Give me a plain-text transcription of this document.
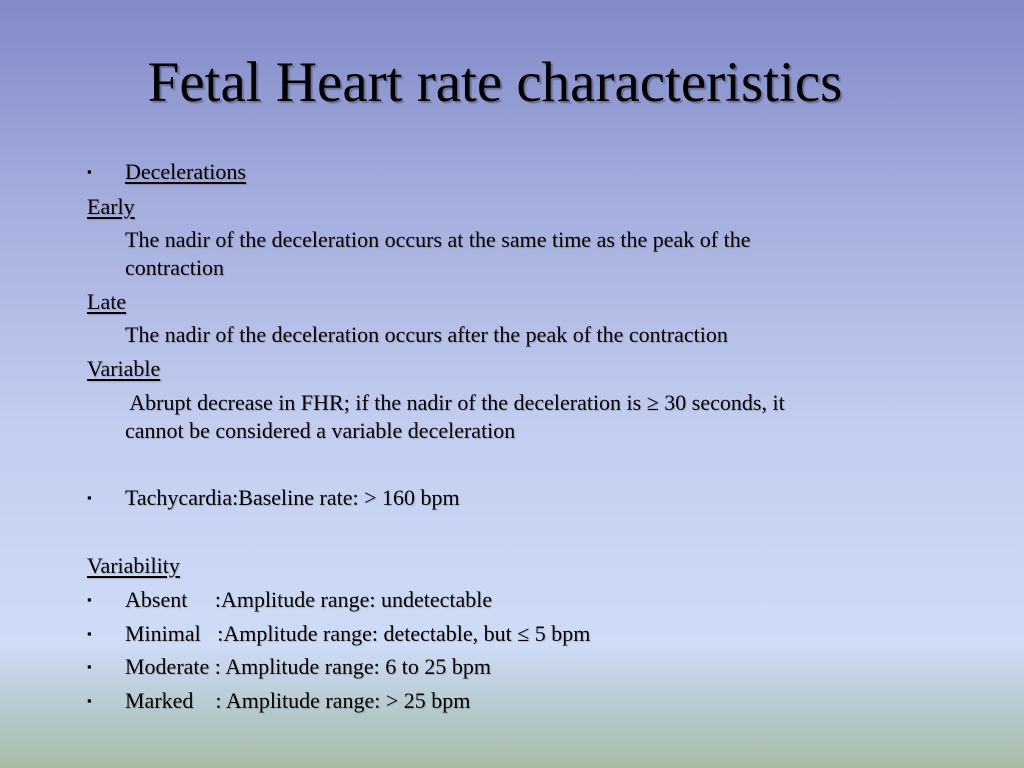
Fetal Heart rate characteristics
▪ Decelerations
Early
The nadir of the deceleration occurs at the same time as the peak of the
contraction
Late
The nadir of the deceleration occurs after the peak of the contraction
Variable
Abrupt decrease in FHR; if the nadir of the deceleration is ≥ 30 seconds, it
cannot be considered a variable deceleration
▪ Tachycardia:Baseline rate: > 160 bpm
Variability
▪ Absent     :Amplitude range: undetectable
▪ Minimal   :Amplitude range: detectable, but ≤ 5 bpm
▪ Moderate : Amplitude range: 6 to 25 bpm
▪ Marked    : Amplitude range: > 25 bpm
